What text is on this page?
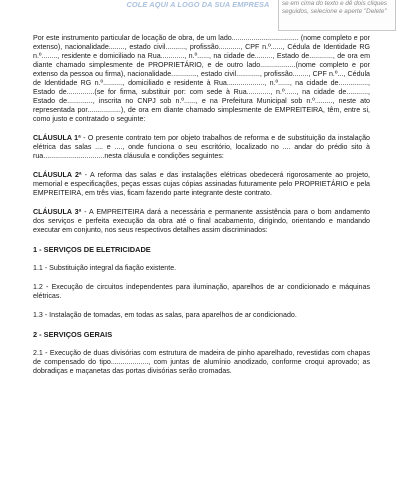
COLE AQUI A LOGO DA SUA EMPRESA	se em cima do texto e dê dois cliques seguidos, selecione e aperte "Delete"

Por este instrumento particular de locação de obra, de um lado.................................. (nome completo e por extenso), nacionalidade........, estado civil.........., profissão..........., CPF n.º......, Cédula de Identidade RG n.º........, residente e domiciliado na Rua............, n.º......, na cidade de........., Estado de............, de ora em diante chamado simplesmente de PROPRIETÁRIO, e de outro lado..................(nome completo e por extenso da pessoa ou firma), nacionalidade............., estado civil............, profissão........, CPF n.º..., Cédula de Identidade RG n.º.........., domiciliado e residente à Rua..................., n.º......, na cidade de..............., Estado de..............(se for firma, substituir por: com sede à Rua............, n.º......, na cidade de..........., Estado de............., inscrita no CNPJ sob n.º......, e na Prefeitura Municipal sob n.º........., neste ato representada por.................), de ora em diante chamado simplesmente de EMPREITEIRA, têm, entre si, como justo e contratado o seguinte:

CLÁUSULA 1ª - O presente contrato tem por objeto trabalhos de reforma e de substituição da instalação elétrica das salas .... e ...., onde funciona o seu escritório, localizado no .... andar do prédio sito à rua...............................nesta cláusula e condições seguintes:

CLÁUSULA 2ª - A reforma das salas e das instalações elétricas obedecerá rigorosamente ao projeto, memorial e especificações, peças essas cujas cópias assinadas futuramente pelo PROPRIETÁRIO e pela EMPREITEIRA, em três vias, ficam fazendo parte integrante deste contrato.

CLÁUSULA 3ª - A EMPREITEIRA dará a necessária e permanente assistência para o bom andamento dos serviços e perfeita execução da obra até o final acabamento, dirigindo, orientando e mandando executar em conjunto, nos seus respectivos detalhes assim discriminados:

1 - SERVIÇOS DE ELETRICIDADE

1.1 - Substituição integral da fiação existente.

1.2 - Execução de circuitos independentes para iluminação, aparelhos de ar condicionado e máquinas elétricas.

1.3 - Instalação de tomadas, em todas as salas, para aparelhos de ar condicionado.

2 - SERVIÇOS GERAIS

2.1 - Execução de duas divisórias com estrutura de madeira de pinho aparelhado, revestidas com chapas de compensado do tipo..................., com juntas de alumínio anodizado, conforme croqui aprovado; as dobradiças e maçanetas das portas divisórias serão cromadas.
